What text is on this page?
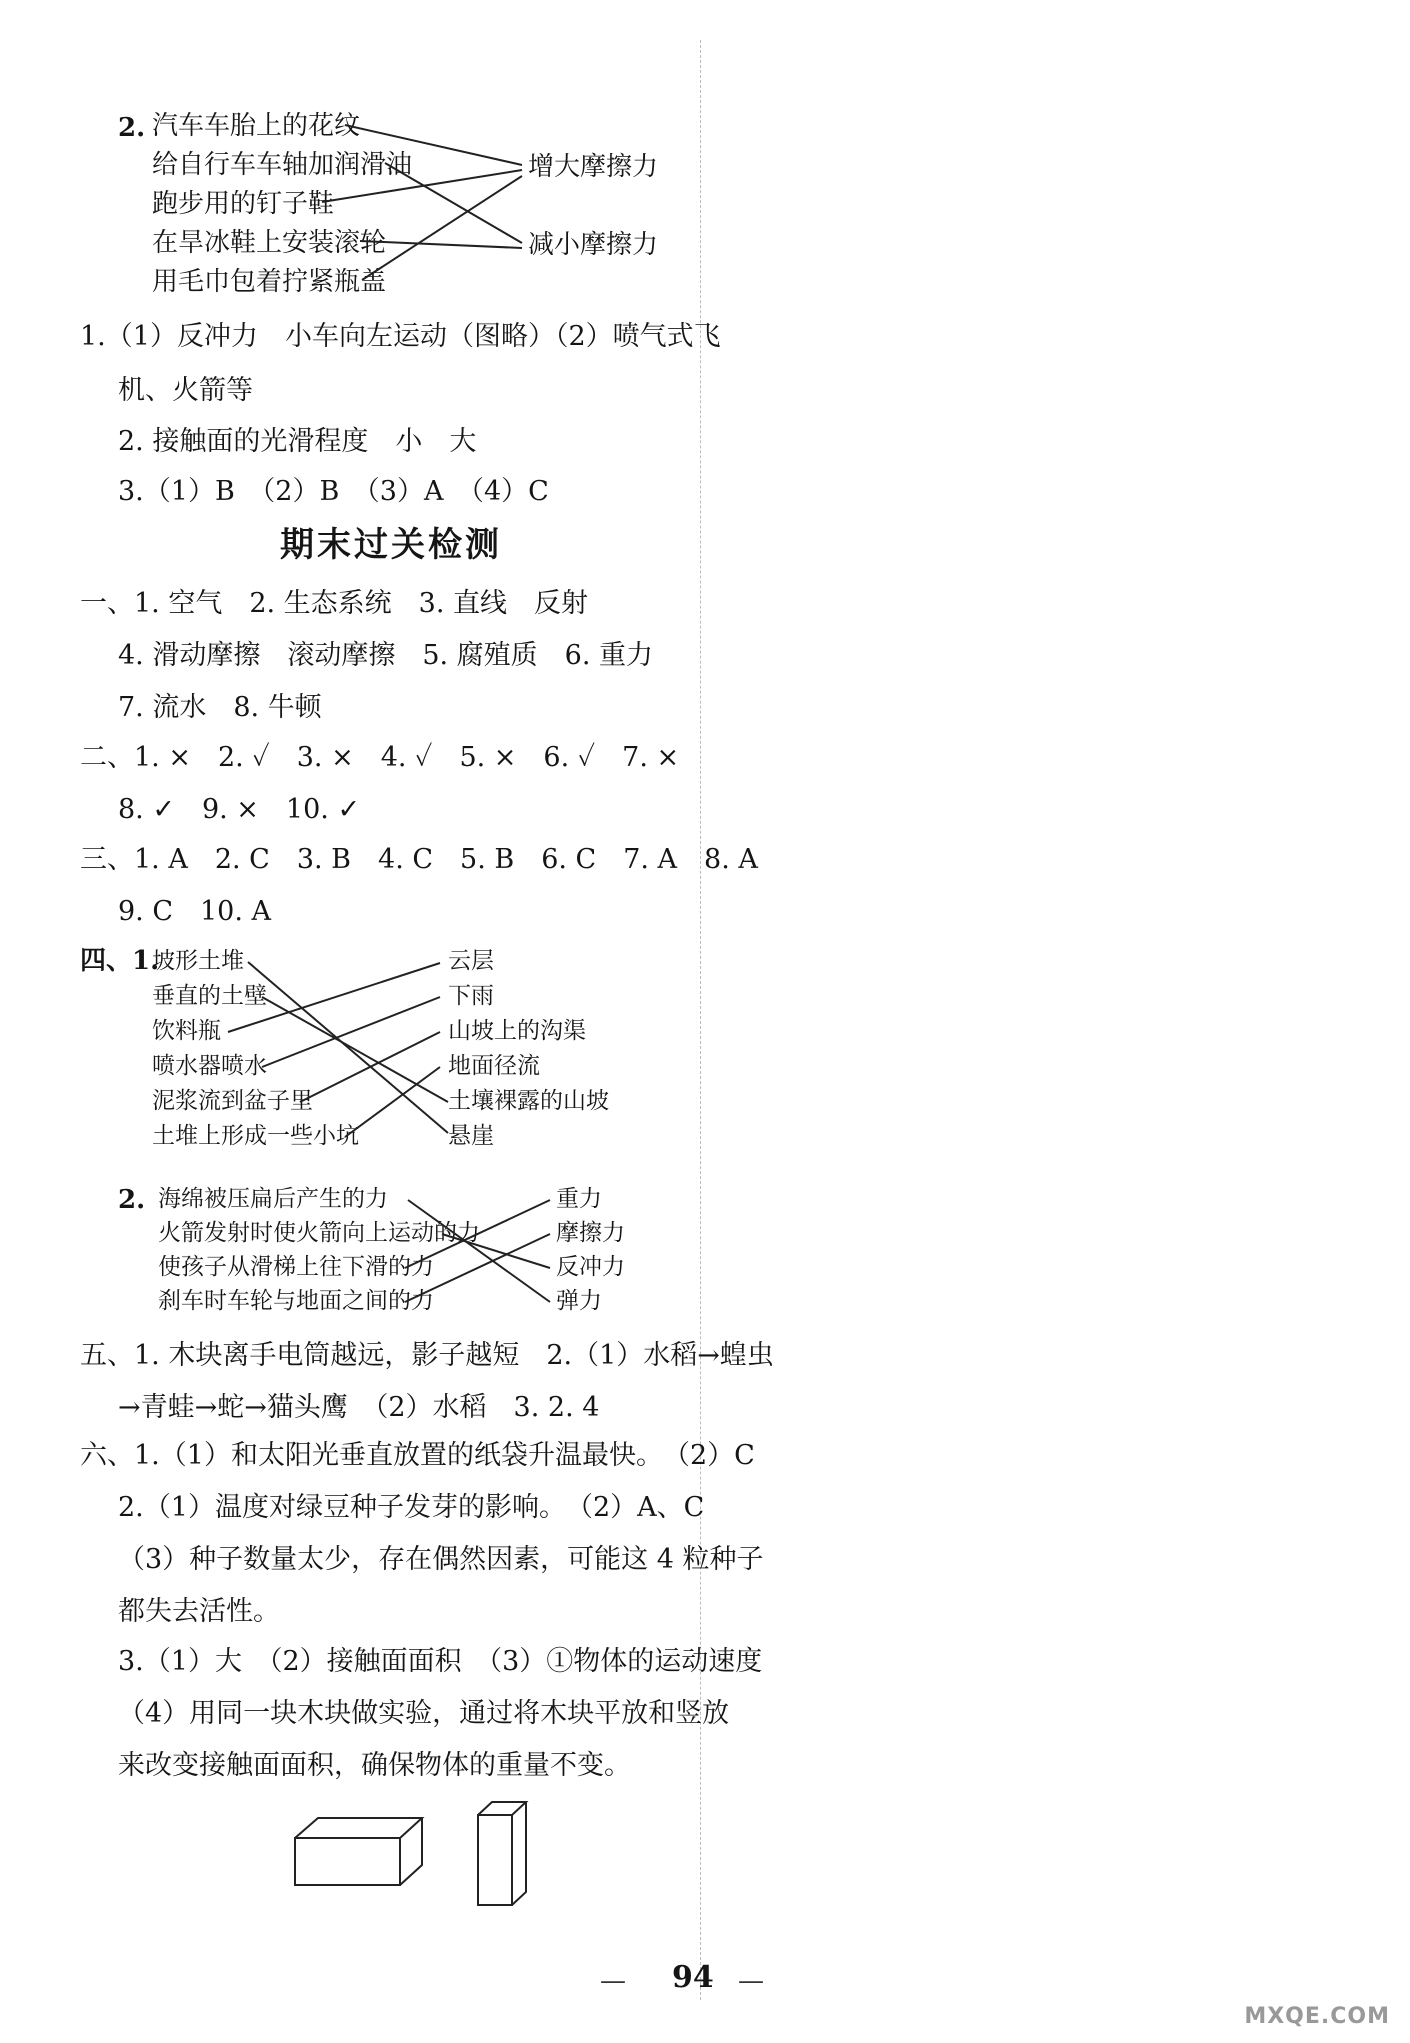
2. 汽车车胎上的花纹
给自行车车轴加润滑油
跑步用的钉子鞋
在旱冰鞋上安装滚轮
用毛巾包着拧紧瓶盖
增大摩擦力
减小摩擦力
1.（1）反冲力　小车向左运动（图略）（2）喷气式飞
机、火箭等
2. 接触面的光滑程度　小　大
3.（1）B　（2）B　（3）A　（4）C
期末过关检测
一、1. 空气　2. 生态系统　3. 直线　反射
4. 滑动摩擦　滚动摩擦　5. 腐殖质　6. 重力
7. 流水　8. 牛顿
二、1. ×　2. ✓　3. ×　4. ✓　5. ×　6. ✓　7. ×
8. ✓　9. ×　10. ✓
三、1. A　2. C　3. B　4. C　5. B　6. C　7. A　8. A
9. C　10. A
四、1.
坡形土堆
垂直的土壁
饮料瓶
喷水器喷水
泥浆流到盆子里
土堆上形成一些小坑
云层
下雨
山坡上的沟渠
地面径流
土壤裸露的山坡
悬崖
2. 海绵被压扁后产生的力
火箭发射时使火箭向上运动的力
使孩子从滑梯上往下滑的力
刹车时车轮与地面之间的力
重力
摩擦力
反冲力
弹力
五、1. 木块离手电筒越远，影子越短　2.（1）水稻→蝗虫
→青蛙→蛇→猫头鹰　（2）水稻　3. 2. 4
六、1.（1）和太阳光垂直放置的纸袋升温最快。　（2）C
2.（1）温度对绿豆种子发芽的影响。　（2）A、C
（3）种子数量太少，存在偶然因素，可能这 4 粒种子
都失去活性。
3.（1）大　（2）接触面面积　（3）①物体的运动速度
（4）用同一块木块做实验，通过将木块平放和竖放
来改变接触面面积，确保物体的重量不变。
— 94 —
MXQE.COM
